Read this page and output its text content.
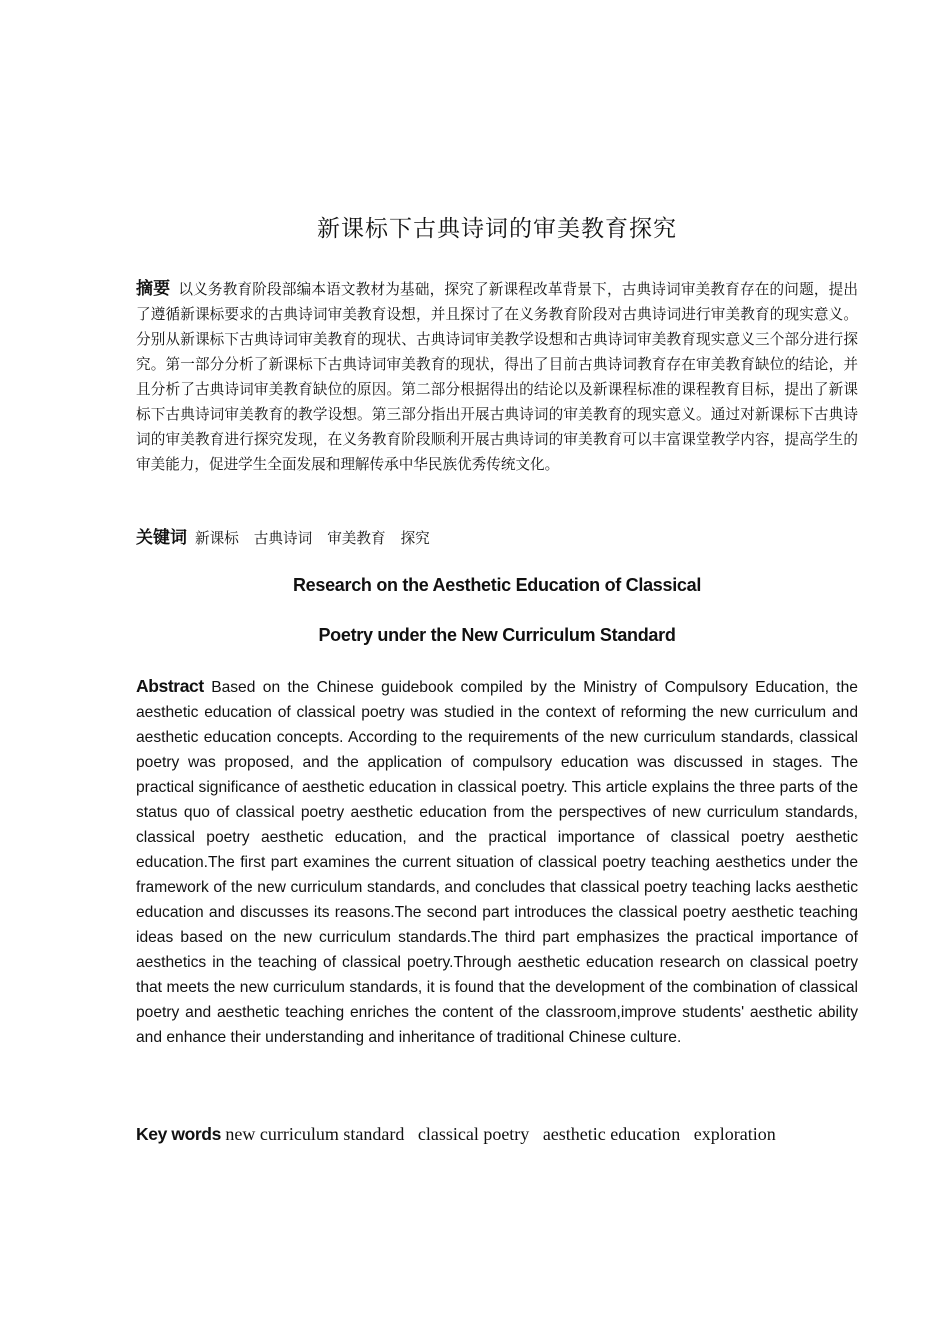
新课标下古典诗词的审美教育探究

摘要 以义务教育阶段部编本语文教材为基础，探究了新课程改革背景下，古典诗词审美教育存在的问题，提出了遵循新课标要求的古典诗词审美教育设想，并且探讨了在义务教育阶段对古典诗词进行审美教育的现实意义。分别从新课标下古典诗词审美教育的现状、古典诗词审美教学设想和古典诗词审美教育现实意义三个部分进行探究。第一部分分析了新课标下古典诗词审美教育的现状，得出了目前古典诗词教育存在审美教育缺位的结论，并且分析了古典诗词审美教育缺位的原因。第二部分根据得出的结论以及新课程标准的课程教育目标，提出了新课标下古典诗词审美教育的教学设想。第三部分指出开展古典诗词的审美教育的现实意义。通过对新课标下古典诗词的审美教育进行探究发现，在义务教育阶段顺利开展古典诗词的审美教育可以丰富课堂教学内容，提高学生的审美能力，促进学生全面发展和理解传承中华民族优秀传统文化。

关键词 新课标 古典诗词 审美教育 探究

Research on the Aesthetic Education of Classical
Poetry under the New Curriculum Standard

Abstract Based on the Chinese guidebook compiled by the Ministry of Compulsory Education, the aesthetic education of classical poetry was studied in the context of reforming the new curriculum and aesthetic education concepts. According to the requirements of the new curriculum standards, classical poetry was proposed, and the application of compulsory education was discussed in stages. The practical significance of aesthetic education in classical poetry. This article explains the three parts of the status quo of classical poetry aesthetic education from the perspectives of new curriculum standards, classical poetry aesthetic education, and the practical importance of classical poetry aesthetic education.The first part examines the current situation of classical poetry teaching aesthetics under the framework of the new curriculum standards, and concludes that classical poetry teaching lacks aesthetic education and discusses its reasons.The second part introduces the classical poetry aesthetic teaching ideas based on the new curriculum standards.The third part emphasizes the practical importance of aesthetics in the teaching of classical poetry.Through aesthetic education research on classical poetry that meets the new curriculum standards, it is found that the development of the combination of classical poetry and aesthetic teaching enriches the content of the classroom,improve students' aesthetic ability and enhance their understanding and inheritance of traditional Chinese culture.

Key words new curriculum standard classical poetry aesthetic education exploration
